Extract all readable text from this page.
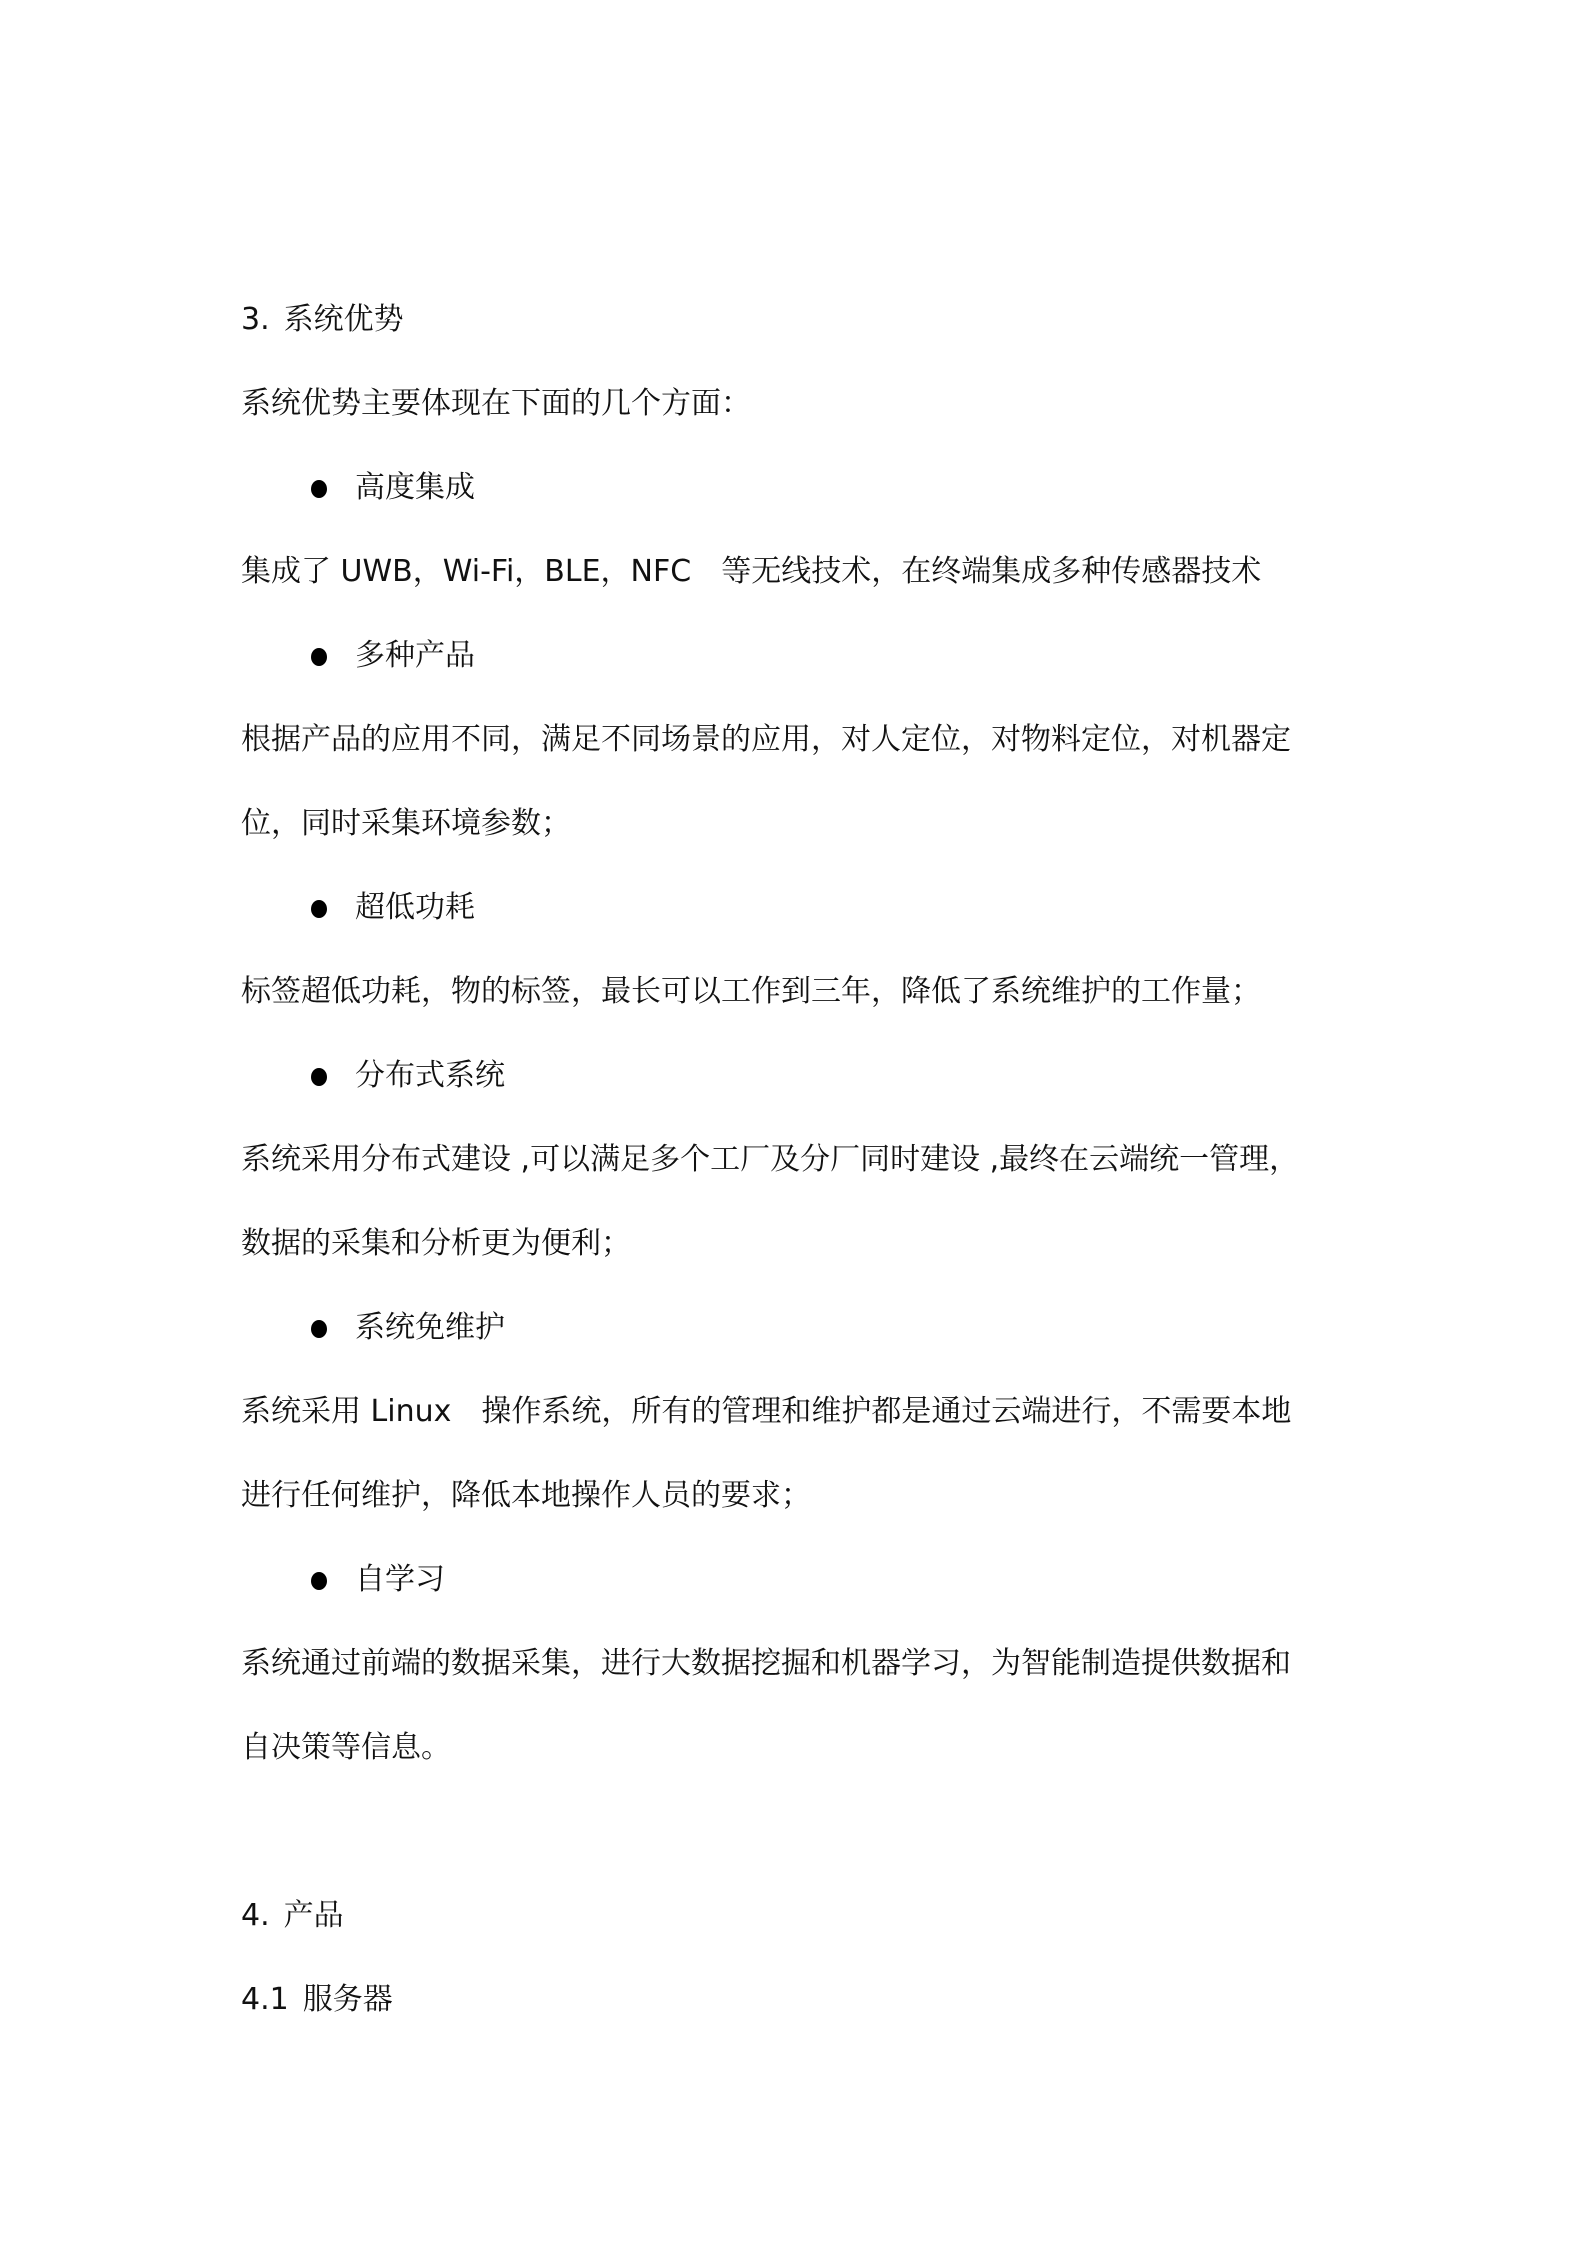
3. 系统优势
系统优势主要体现在下面的几个方面：
高度集成
集成了 UWB，Wi-Fi，BLE，NFC　等无线技术，在终端集成多种传感器技术
多种产品
根据产品的应用不同，满足不同场景的应用，对人定位，对物料定位，对机器定
位，同时采集环境参数；
超低功耗
标签超低功耗，物的标签，最长可以工作到三年，降低了系统维护的工作量；
分布式系统
系统采用分布式建设 ,可以满足多个工厂及分厂同时建设 ,最终在云端统一管理，
数据的采集和分析更为便利；
系统免维护
系统采用 Linux　操作系统，所有的管理和维护都是通过云端进行，不需要本地
进行任何维护，降低本地操作人员的要求；
自学习
系统通过前端的数据采集，进行大数据挖掘和机器学习，为智能制造提供数据和
自决策等信息。
4. 产品
4.1 服务器
